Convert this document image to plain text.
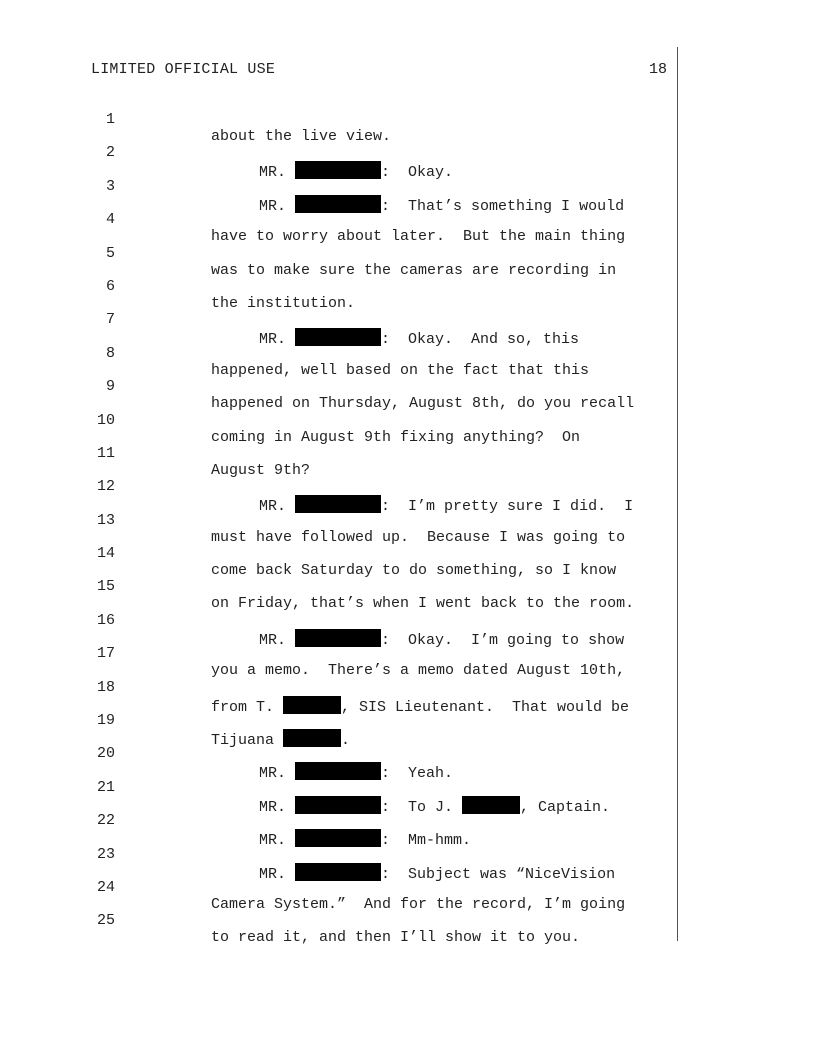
LIMITED OFFICIAL USE	18

1

about the live view.

2

MR.	:  Okay.

3

MR.	:  That’s something I would

4

have to worry about later.  But the main thing

5

was to make sure the cameras are recording in

6

the institution.

7

MR.	:  Okay.  And so, this

8

happened, well based on the fact that this

9

happened on Thursday, August 8th, do you recall

10

coming in August 9th fixing anything?  On

11

August 9th?

12

MR.	:  I’m pretty sure I did.  I

13

must have followed up.  Because I was going to

14

come back Saturday to do something, so I know

15

on Friday, that’s when I went back to the room.

16

MR.	:  Okay.  I’m going to show

17

you a memo.  There’s a memo dated August 10th,

18

from T.	, SIS Lieutenant.  That would be

19

Tijuana	.

20

MR.	:  Yeah.

21

MR.	:  To J.	, Captain.

22

MR.	:  Mm-hmm.

23

MR.	:  Subject was “NiceVision

24

Camera System.”  And for the record, I’m going

25

to read it, and then I’ll show it to you.
